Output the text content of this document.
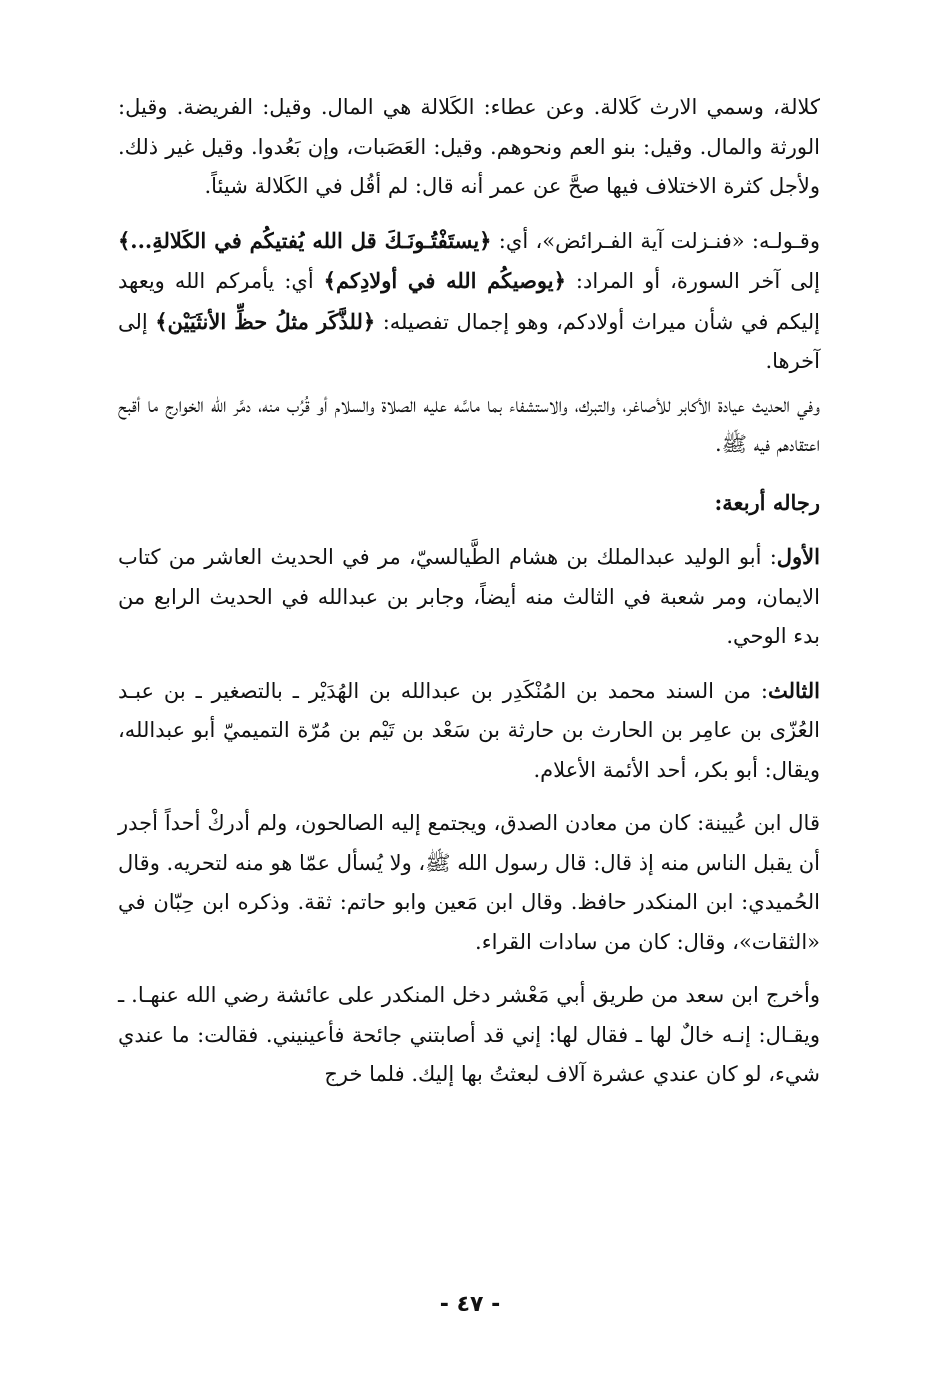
كلالة، وسمي الارث كَلالة. وعن عطاء: الكَلالة هي المال. وقيل: الفريضة. وقيل: الورثة والمال. وقيل: بنو العم ونحوهم. وقيل: العَصَبات، وإن بَعُدوا. وقيل غير ذلك. ولأجل كثرة الاختلاف فيها صحَّ عن عمر أنه قال: لم أقُل في الكَلالة شيئاً.

وقـولـه: «فنـزلت آية الفـرائض»، أي: ﴿يستَفْتُـونَـكَ قل الله يُفتيكُم في الكَلالةِ...﴾ إلى آخر السورة، أو المراد: ﴿يوصيكُم الله في أولادِكم﴾ أي: يأمركم الله ويعهد إليكم في شأن ميراث أولادكم، وهو إجمال تفصيله: ﴿للذَّكَر مثلُ حظِّ الأنثَيَيْن﴾ إلى آخرها.

وفي الحديث عيادة الأكابر للأصاغر، والتبرك، والاستشفاء بما ماسَّه عليه الصلاة والسلام أو قُرُب منه، دمَّر الله الخوارج ما أقبح اعتقادهم فيه ﷺ.

رجاله أربعة:

الأول: أبو الوليد عبدالملك بن هشام الطَّيالسيّ، مر في الحديث العاشر من كتاب الايمان، ومر شعبة في الثالث منه أيضاً، وجابر بن عبدالله في الحديث الرابع من بدء الوحي.

الثالث: من السند محمد بن المُنْكَدِر بن عبدالله بن الهُدَيْر ـ بالتصغير ـ بن عبـد العُزّى بن عامِر بن الحارث بن حارثة بن سَعْد بن تَيْم بن مُرّة التميميّ أبو عبدالله، ويقال: أبو بكر، أحد الأئمة الأعلام.

قال ابن عُيينة: كان من معادن الصدق، ويجتمع إليه الصالحون، ولم أدركْ أحداً أجدر أن يقبل الناس منه إذ قال: قال رسول الله ﷺ، ولا يُسأل عمّا هو منه لتحريه. وقال الحُميدي: ابن المنكدر حافظ. وقال ابن مَعين وابو حاتم: ثقة. وذكره ابن حِبّان في «الثقات»، وقال: كان من سادات القراء.

وأخرج ابن سعد من طريق أبي مَعْشر دخل المنكدر على عائشة رضي الله عنهـا. ـ ويقـال: إنـه خالٌ لها ـ فقال لها: إني قد أصابتني جائحة فأعينيني. فقالت: ما عندي شيء، لو كان عندي عشرة آلاف لبعثتُ بها إليك. فلما خرج

- ٤٧ -
